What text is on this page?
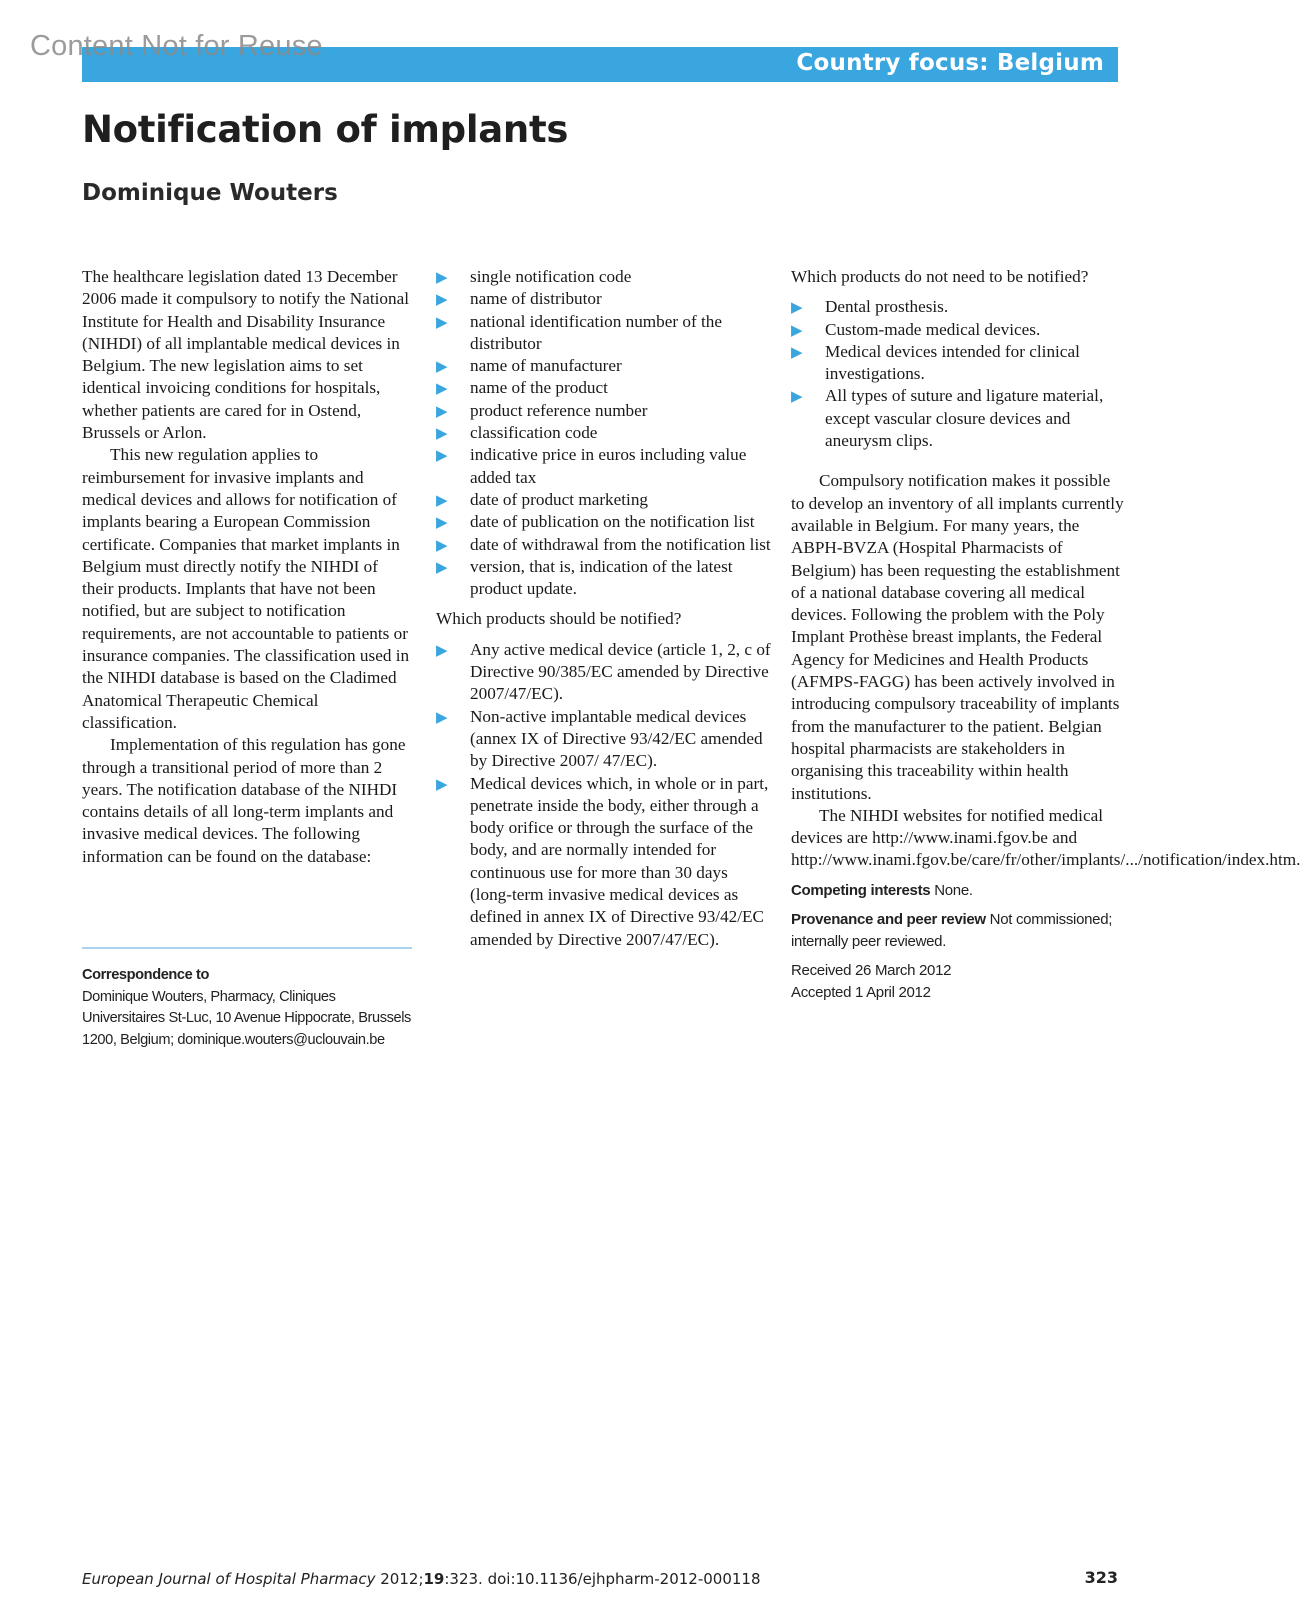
Content Not for Reuse
Country focus: Belgium
Notification of implants
Dominique Wouters

The healthcare legislation dated 13 December 2006 made it compulsory to notify the National Institute for Health and Disability Insurance (NIHDI) of all implantable medical devices in Belgium. The new legislation aims to set identical invoicing conditions for hospitals, whether patients are cared for in Ostend, Brussels or Arlon.

This new regulation applies to reimbursement for invasive implants and medical devices and allows for notification of implants bearing a European Commission certificate. Companies that market implants in Belgium must directly notify the NIHDI of their products. Implants that have not been notified, but are subject to notification requirements, are not accountable to patients or insurance companies. The classification used in the NIHDI database is based on the Cladimed Anatomical Therapeutic Chemical classification.

Implementation of this regulation has gone through a transitional period of more than 2 years. The notification database of the NIHDI contains details of all long-term implants and invasive medical devices. The following information can be found on the database:

Correspondence to
Dominique Wouters, Pharmacy, Cliniques Universitaires St-Luc, 10 Avenue Hippocrate, Brussels 1200, Belgium; dominique.wouters@uclouvain.be
▶ single notification code
▶ name of distributor
▶ national identification number of the distributor
▶ name of manufacturer
▶ name of the product
▶ product reference number
▶ classification code
▶ indicative price in euros including value added tax
▶ date of product marketing
▶ date of publication on the notification list
▶ date of withdrawal from the notification list
▶ version, that is, indication of the latest product update.

Which products should be notified?

▶ Any active medical device (article 1, 2, c of Directive 90/385/EC amended by Directive 2007/47/EC).
▶ Non-active implantable medical devices (annex IX of Directive 93/42/EC amended by Directive 2007/ 47/EC).
▶ Medical devices which, in whole or in part, penetrate inside the body, either through a body orifice or through the surface of the body, and are normally intended for continuous use for more than 30 days (long-term invasive medical devices as defined in annex IX of Directive 93/42/EC amended by Directive 2007/47/EC).

Which products do not need to be notified?

▶ Dental prosthesis.
▶ Custom-made medical devices.
▶ Medical devices intended for clinical investigations.
▶ All types of suture and ligature material, except vascular closure devices and aneurysm clips.

Compulsory notification makes it possible to develop an inventory of all implants currently available in Belgium. For many years, the ABPH-BVZA (Hospital Pharmacists of Belgium) has been requesting the establishment of a national database covering all medical devices. Following the problem with the Poly Implant Prothèse breast implants, the Federal Agency for Medicines and Health Products (AFMPS-FAGG) has been actively involved in introducing compulsory traceability of implants from the manufacturer to the patient. Belgian hospital pharmacists are stakeholders in organising this traceability within health institutions.

The NIHDI websites for notified medical devices are http://www.inami.fgov.be and http://www.inami.fgov.be/care/fr/other/implants/.../notification/index.htm.

Competing interests None.
Provenance and peer review Not commissioned; internally peer reviewed.
Received 26 March 2012
Accepted 1 April 2012
European Journal of Hospital Pharmacy 2012;19:323. doi:10.1136/ejhpharm-2012-000118	323
